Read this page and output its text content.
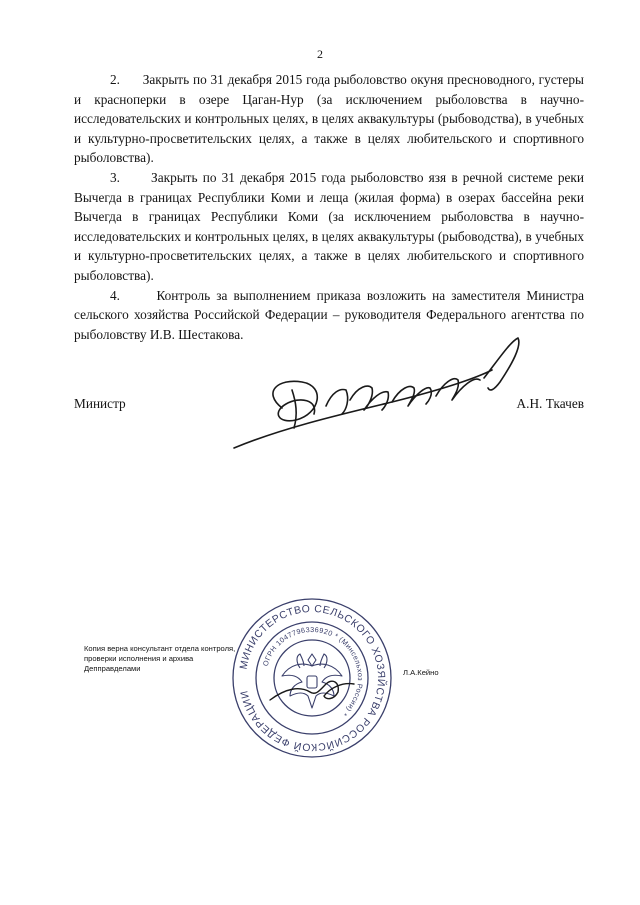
2

2. Закрыть по 31 декабря 2015 года рыболовство окуня пресноводного, густеры и красноперки в озере Цаган-Нур (за исключением рыболовства в научно-исследовательских и контрольных целях, в целях аквакультуры (рыбоводства), в учебных и культурно-просветительских целях, а также в целях любительского и спортивного рыболовства).

3. Закрыть по 31 декабря 2015 года рыболовство язя в речной системе реки Вычегда в границах Республики Коми и леща (жилая форма) в озерах бассейна реки Вычегда в границах Республики Коми (за исключением рыболовства в научно-исследовательских и контрольных целях, в целях аквакультуры (рыбоводства), в учебных и культурно-просветительских целях, а также в целях любительского и спортивного рыболовства).

4.	Контроль за выполнением приказа возложить на заместителя Министра сельского хозяйства Российской Федерации – руководителя Федерального агентства по рыболовству И.В. Шестакова.

Министр	А.Н. Ткачев
Копия верна консультант отдела контроля,
проверки исполнения и архива
Депправделами	Л.А.Кейно
МИНИСТЕРСТВО СЕЛЬСКОГО ХОЗЯЙСТВА РОССИЙСКОЙ ФЕДЕРАЦИИ
ОГРН 1047796336920 * (Минсельхоз России) *
